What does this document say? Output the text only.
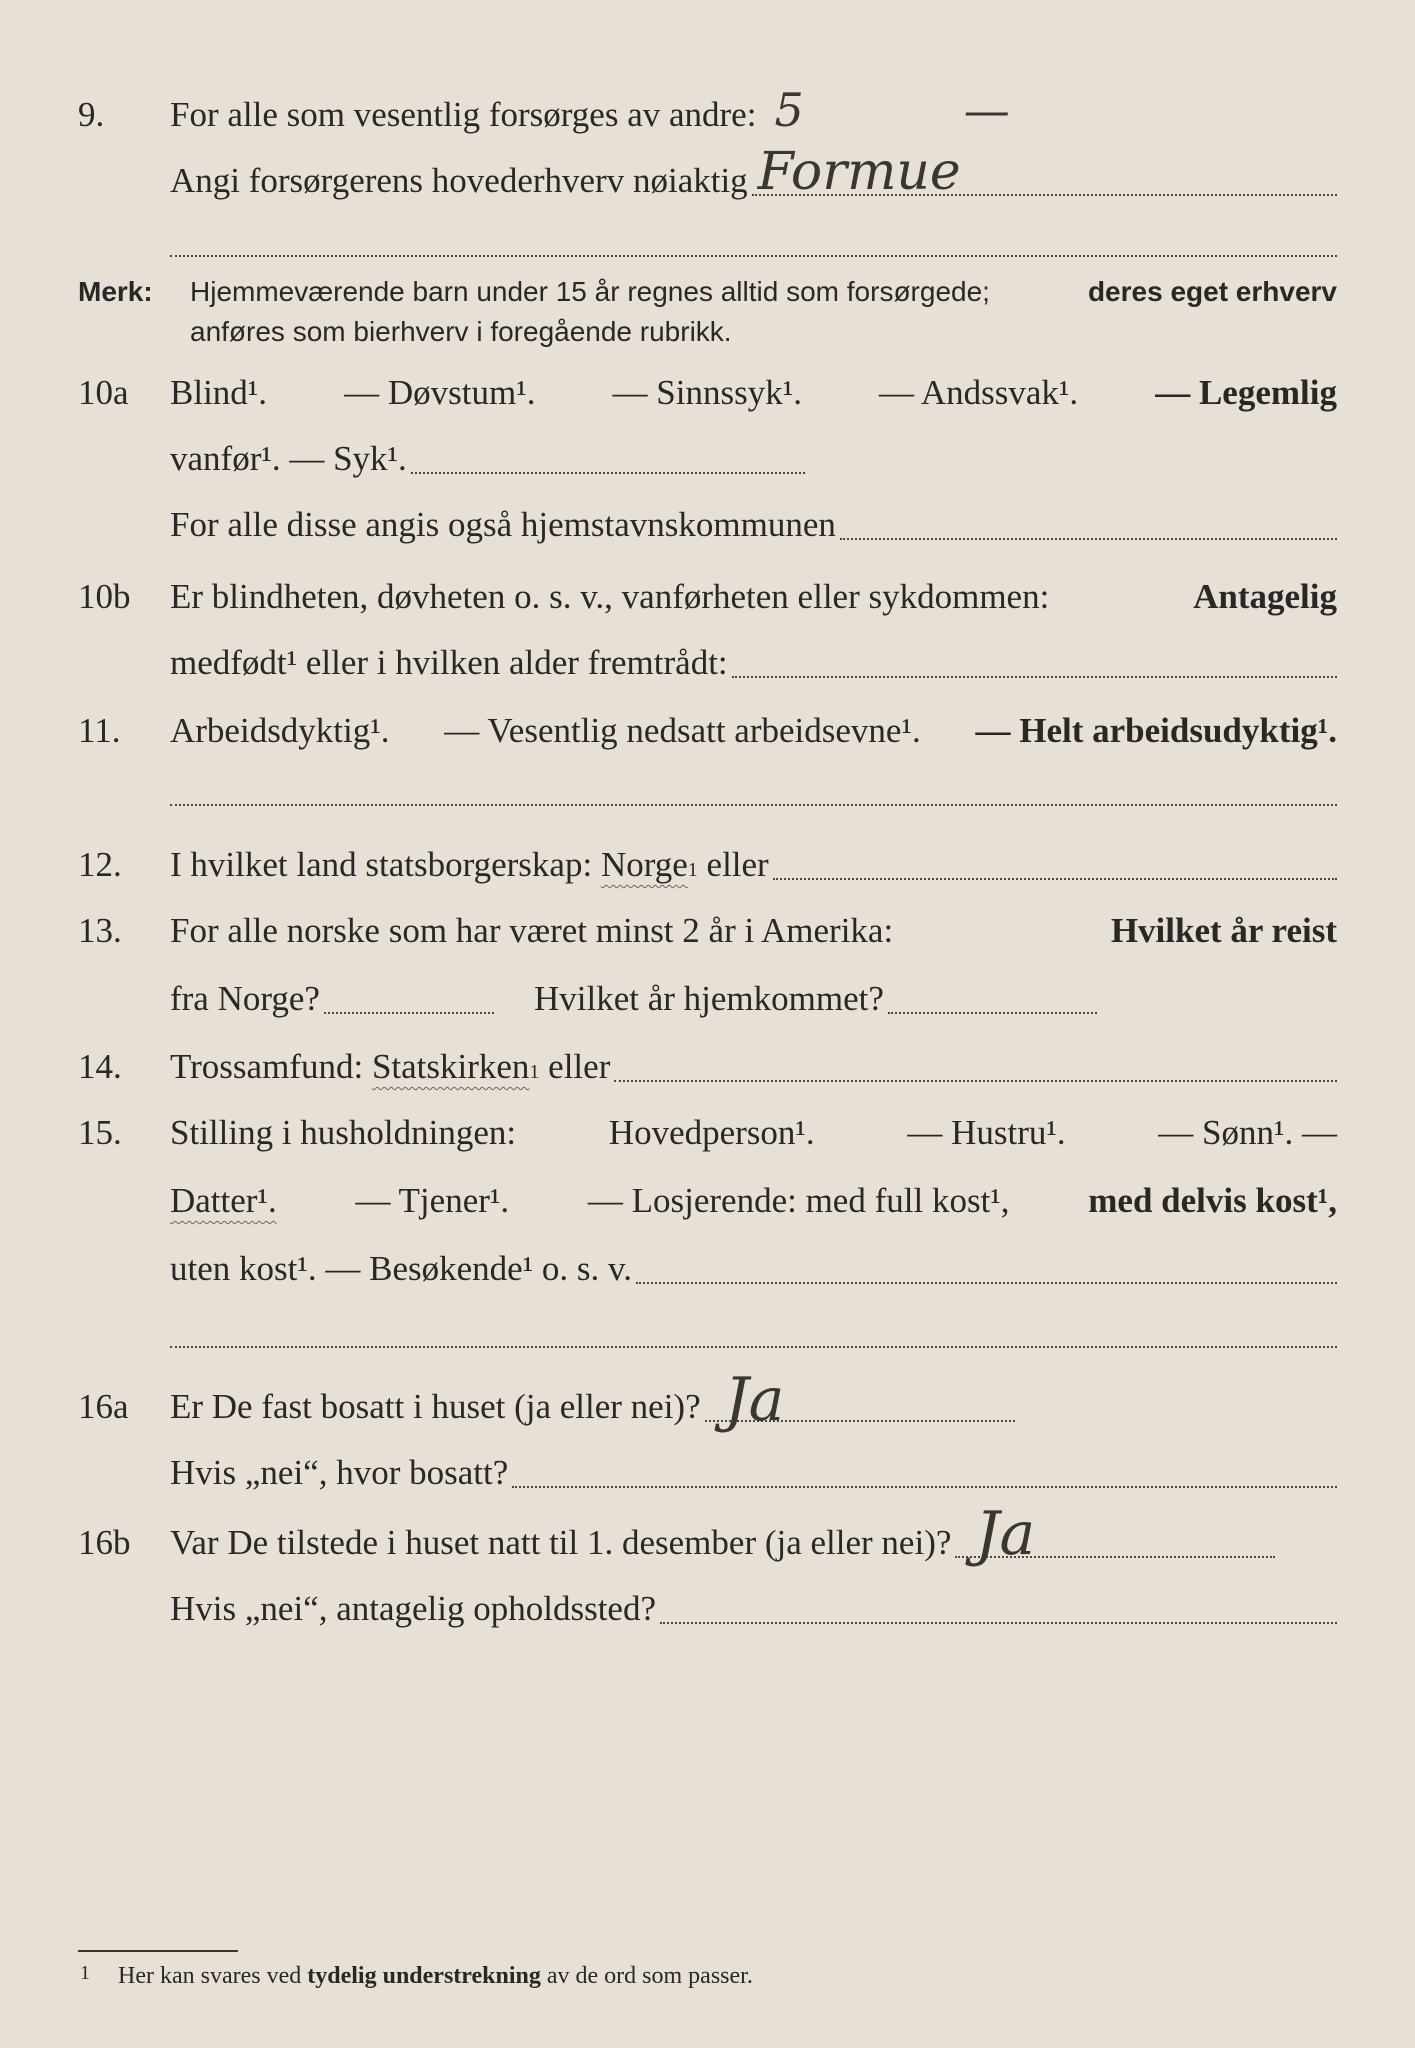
9. For alle som vesentlig forsørges av andre: 5	—
Angi forsørgerens hovederhverv nøiaktig Formue
Merk: Hjemmeværende barn under 15 år regnes alltid som forsørgede;	deres eget erhverv
anføres som bierhverv i foregående rubrikk.
10a Blind¹. — Døvstum¹. — Sinnssyk¹. — Andssvak¹. — Legemlig
vanfør¹. — Syk¹.
For alle disse angis også hjemstavnskommunen
10b Er blindheten, døvheten o. s. v., vanførheten eller sykdommen:	Antagelig
medfødt¹ eller i hvilken alder fremtrådt:
11. Arbeidsdyktig¹. — Vesentlig nedsatt arbeidsevne¹. — Helt arbeidsudyktig¹.
12. I hvilket land statsborgerskap: Norge 1 eller
13. For alle norske som har været minst 2 år i Amerika:	Hvilket år reist
fra Norge?	Hvilket år hjemkommet?
14. Trossamfund: Statskirken 1 eller
15. Stilling i husholdningen:	Hovedperson¹.	— Hustru¹.	— Sønn¹. —
Datter¹. — Tjener¹. — Losjerende: med full kost¹, med delvis kost¹,
uten kost¹. — Besøkende¹ o. s. v.
16a Er De fast bosatt i huset (ja eller nei)? Ja
Hvis „nei“, hvor bosatt?
16b Var De tilstede i huset natt til 1. desember (ja eller nei)? Ja
Hvis „nei“, antagelig opholdssted?
1 Her kan svares ved tydelig understrekning av de ord som passer.
